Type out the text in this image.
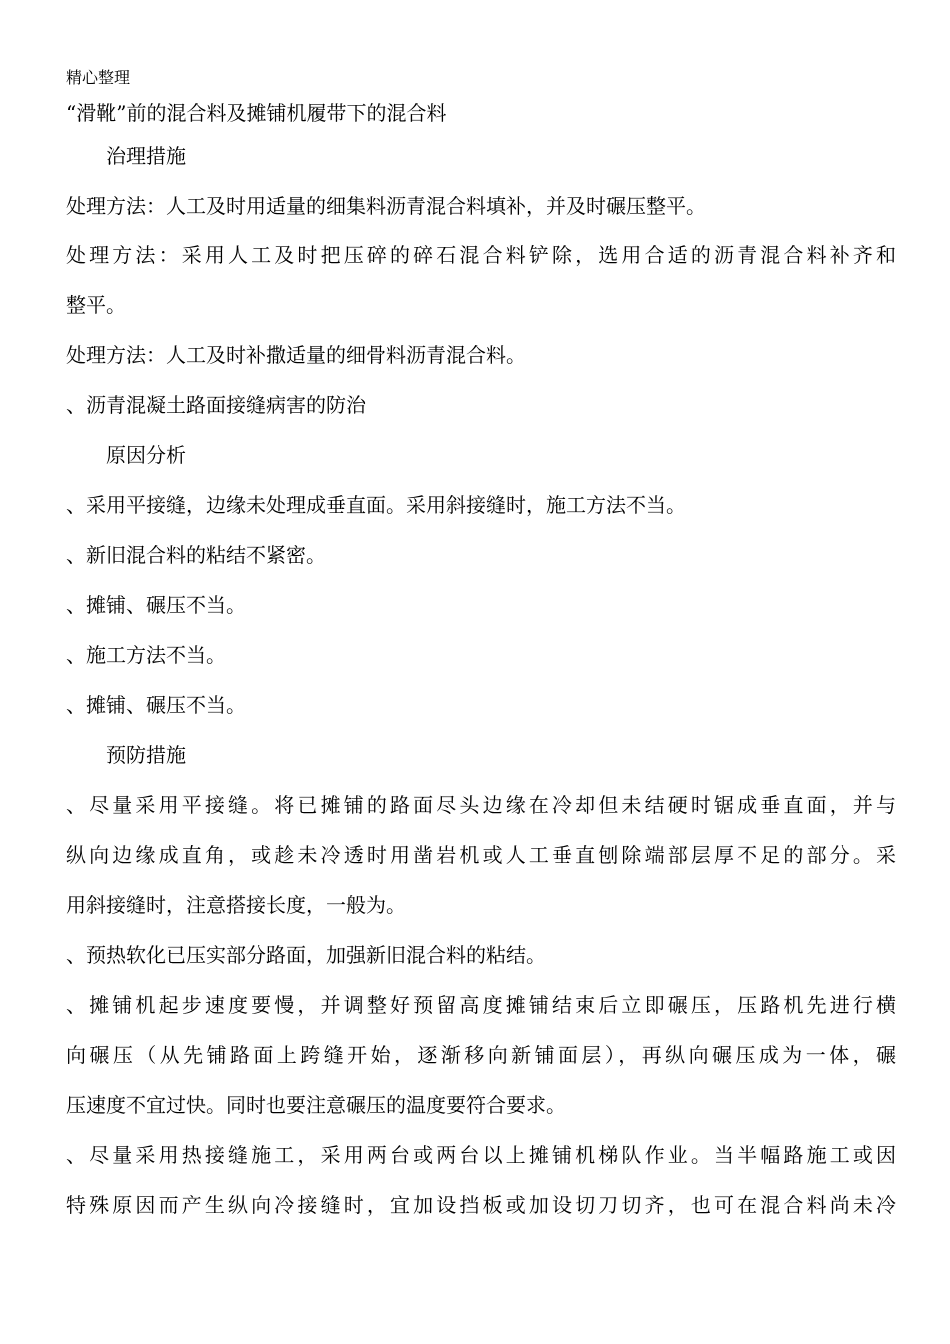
精心整理
“滑靴”前的混合料及摊铺机履带下的混合料
治理措施
处理方法：人工及时用适量的细集料沥青混合料填补，并及时碾压整平。
处理方法：采用人工及时把压碎的碎石混合料铲除，选用合适的沥青混合料补齐和
整平。
处理方法：人工及时补撒适量的细骨料沥青混合料。
、沥青混凝土路面接缝病害的防治
原因分析
、采用平接缝，边缘未处理成垂直面。采用斜接缝时，施工方法不当。
、新旧混合料的粘结不紧密。
、摊铺、碾压不当。
、施工方法不当。
、摊铺、碾压不当。
预防措施
、尽量采用平接缝。将已摊铺的路面尽头边缘在冷却但未结硬时锯成垂直面，并与
纵向边缘成直角，或趁未冷透时用凿岩机或人工垂直刨除端部层厚不足的部分。采
用斜接缝时，注意搭接长度，一般为。
、预热软化已压实部分路面，加强新旧混合料的粘结。
、摊铺机起步速度要慢，并调整好预留高度摊铺结束后立即碾压，压路机先进行横
向碾压（从先铺路面上跨缝开始，逐渐移向新铺面层），再纵向碾压成为一体，碾
压速度不宜过快。同时也要注意碾压的温度要符合要求。
、尽量采用热接缝施工，采用两台或两台以上摊铺机梯队作业。当半幅路施工或因
特殊原因而产生纵向冷接缝时，宜加设挡板或加设切刀切齐，也可在混合料尚未冷
